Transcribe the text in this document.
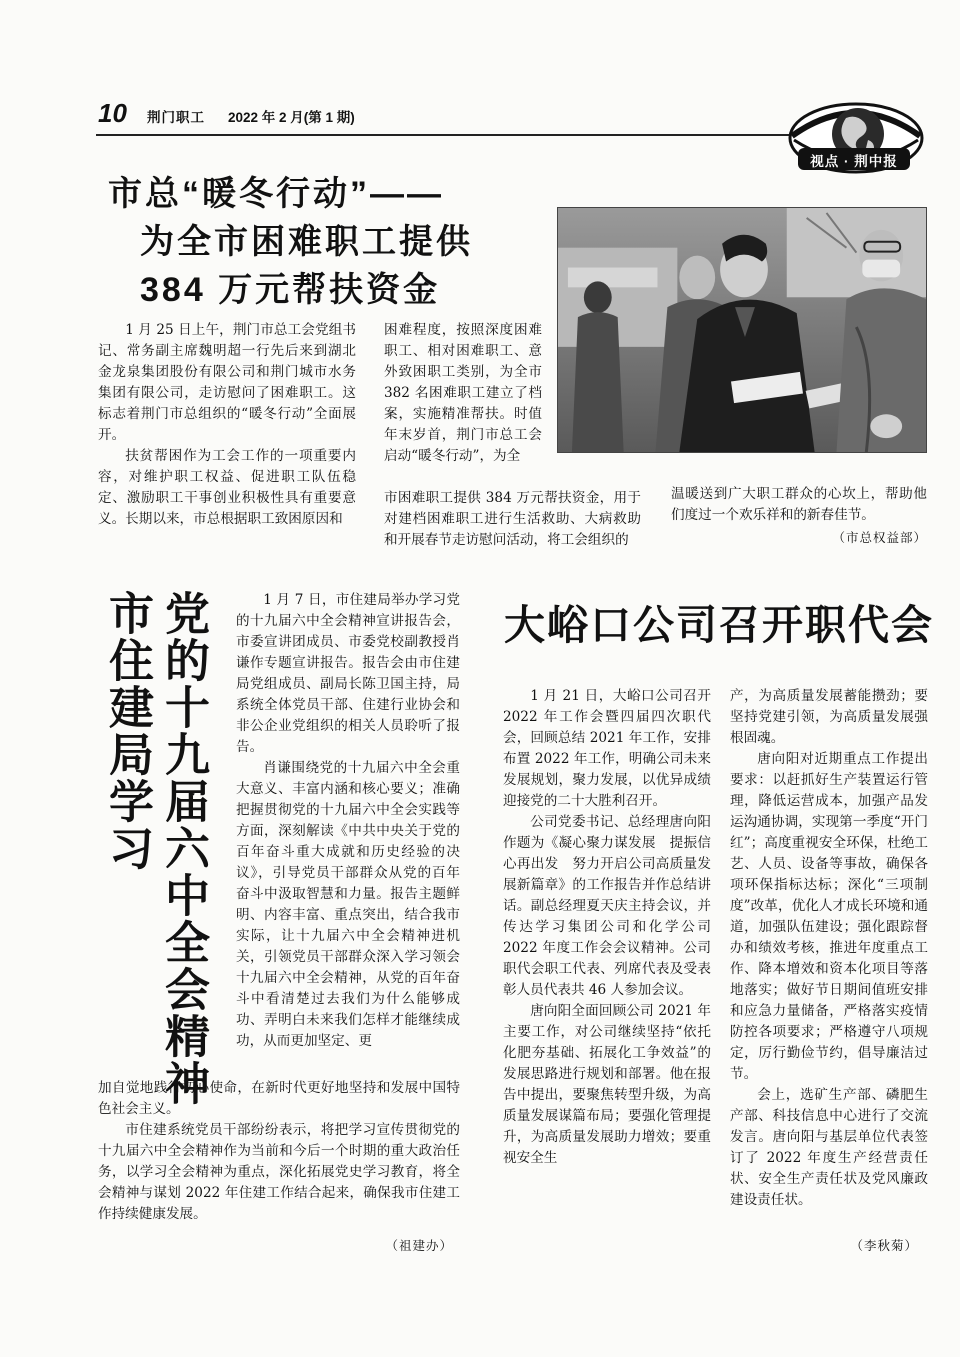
10 荆门职工 2022 年 2 月(第 1 期)
视点 · 荆中报
市总“暖冬行动”——
为全市困难职工提供
384 万元帮扶资金

1 月 25 日上午，荆门市总工会党组书记、常务副主席魏明超一行先后来到湖北金龙泉集团股份有限公司和荆门城市水务集团有限公司，走访慰问了困难职工。这标志着荆门市总组织的“暖冬行动”全面展开。

扶贫帮困作为工会工作的一项重要内容，对维护职工权益、促进职工队伍稳定、激励职工干事创业积极性具有重要意义。长期以来，市总根据职工致困原因和

困难程度，按照深度困难职工、相对困难职工、意外致困职工类别，为全市 382 名困难职工建立了档案，实施精准帮扶。时值年末岁首，荆门市总工会启动“暖冬行动”，为全

市困难职工提供 384 万元帮扶资金，用于对建档困难职工进行生活救助、大病救助和开展春节走访慰问活动，将工会组织的

温暖送到广大职工群众的心坎上，帮助他们度过一个欢乐祥和的新春佳节。

（市总权益部）

市住建局学习 党的十九届六中全会精神	1 月 7 日，市住建局举办学习党的十九届六中全会精神宣讲报告会，市委宣讲团成员、市委党校副教授肖谦作专题宣讲报告。报告会由市住建局党组成员、副局长陈卫国主持，局系统全体党员干部、住建行业协会和非公企业党组织的相关人员聆听了报告。

肖谦围绕党的十九届六中全会重大意义、丰富内涵和核心要义；准确把握贯彻党的十九届六中全会实践等方面，深刻解读《中共中央关于党的百年奋斗重大成就和历史经验的决议》，引导党员干部群众从党的百年奋斗中汲取智慧和力量。报告主题鲜明、内容丰富、重点突出，结合我市实际，让十九届六中全会精神进机关，引领党员干部群众深入学习领会十九届六中全会精神，从党的百年奋斗中看清楚过去我们为什么能够成功、弄明白未来我们怎样才能继续成功，从而更加坚定、更

加自觉地践行初心使命，在新时代更好地坚持和发展中国特色社会主义。

市住建系统党员干部纷纷表示，将把学习宣传贯彻党的十九届六中全会精神作为当前和今后一个时期的重大政治任务，以学习全会精神为重点，深化拓展党史学习教育，将全会精神与谋划 2022 年住建工作结合起来，确保我市住建工作持续健康发展。

（祖建办）

大峪口公司召开职代会

1 月 21 日，大峪口公司召开 2022 年工作会暨四届四次职代会，回顾总结 2021 年工作，安排布置 2022 年工作，明确公司未来发展规划，聚力发展，以优异成绩迎接党的二十大胜利召开。

公司党委书记、总经理唐向阳作题为《凝心聚力谋发展　提振信心再出发　努力开启公司高质量发展新篇章》的工作报告并作总结讲话。副总经理夏天庆主持会议，并传达学习集团公司和化学公司 2022 年度工作会会议精神。公司职代会职工代表、列席代表及受表彰人员代表共 46 人参加会议。

唐向阳全面回顾公司 2021 年主要工作，对公司继续坚持“依托化肥夯基础、拓展化工争效益”的发展思路进行规划和部署。他在报告中提出，要聚焦转型升级，为高质量发展谋篇布局；要强化管理提升，为高质量发展助力增效；要重视安全生

产，为高质量发展蓄能攒劲；要坚持党建引领，为高质量发展强根固魂。

唐向阳对近期重点工作提出要求：以赶抓好生产装置运行管理，降低运营成本，加强产品发运沟通协调，实现第一季度“开门红”；高度重视安全环保，杜绝工艺、人员、设备等事故，确保各项环保指标达标；深化“三项制度”改革，优化人才成长环境和通道，加强队伍建设；强化跟踪督办和绩效考核，推进年度重点工作、降本增效和资本化项目等落地落实；做好节日期间值班安排和应急力量储备，严格落实疫情防控各项要求；严格遵守八项规定，厉行勤俭节约，倡导廉洁过节。

会上，选矿生产部、磷肥生产部、科技信息中心进行了交流发言。唐向阳与基层单位代表签订了 2022 年度生产经营责任状、安全生产责任状及党风廉政建设责任状。

（李秋菊）
